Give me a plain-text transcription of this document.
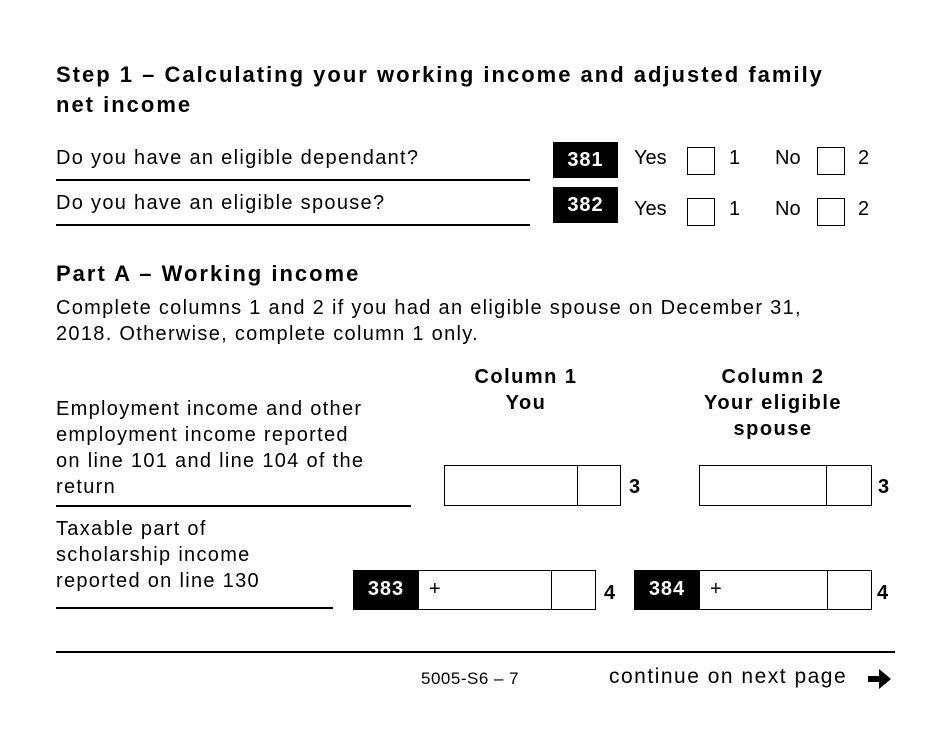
Step 1 – Calculating your working income and adjusted family
net income
Do you have an eligible dependant?	381	Yes	1 No	2
Do you have an eligible spouse?	382	Yes	1 No	2
Part A – Working income
Complete columns 1 and 2 if you had an eligible spouse on December 31,
2018. Otherwise, complete column 1 only.
Column 1
You
Column 2
Your eligible
spouse
Employment income and other
employment income reported
on line 101 and line 104 of the
return	3	3
Taxable part of
scholarship income
reported on line 130	383	+	4	384	+	4
5005-S6 – 7	continue on next page
